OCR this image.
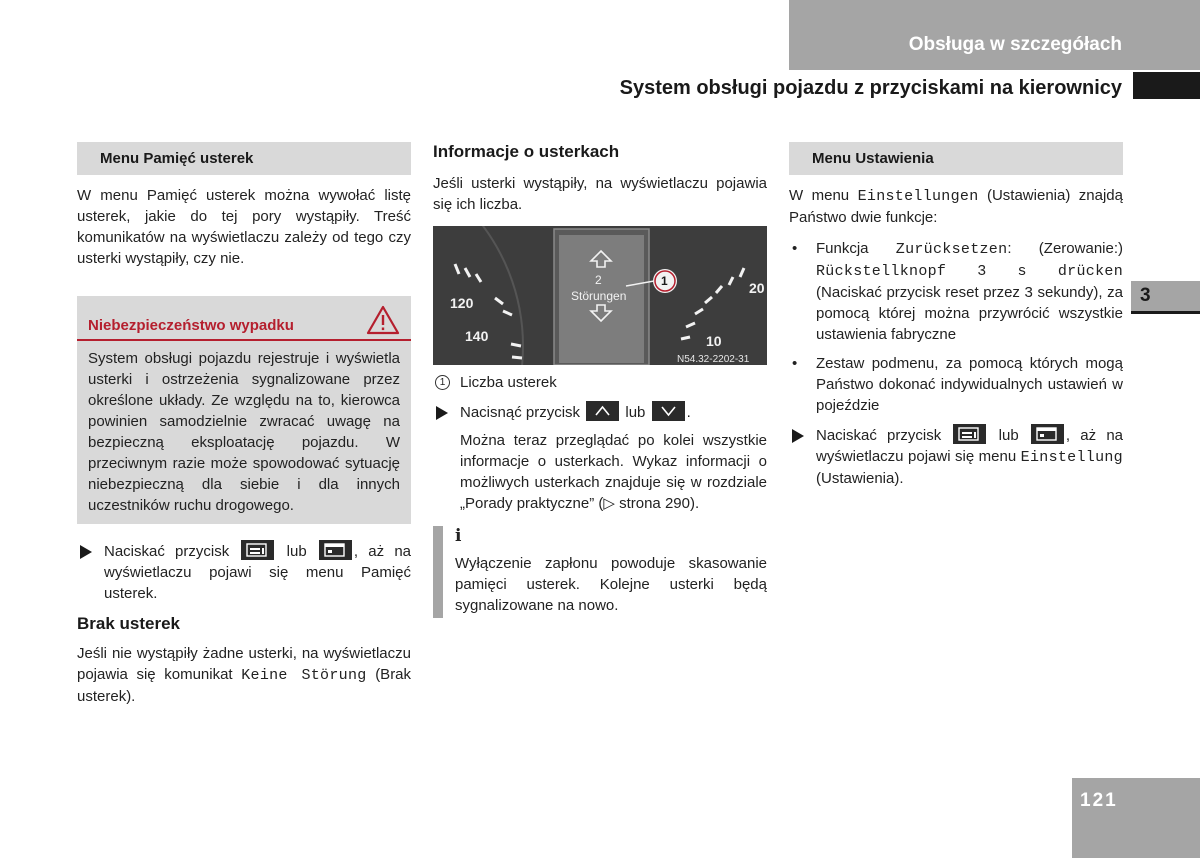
Obsługa w szczegółach
System obsługi pojazdu z przyciskami na kierownicy
Menu Pamięć usterek

W menu Pamięć usterek można wywołać listę usterek, jakie do tej pory wystąpiły. Treść komunikatów na wyświetlaczu zależy od tego czy usterki wystąpiły, czy nie.

Niebezpieczeństwo wypadku
System obsługi pojazdu rejestruje i wyświetla usterki i ostrzeżenia sygnalizowane przez określone układy. Ze względu na to, kierowca powinien samodzielnie zwracać uwagę na bezpieczną eksploatację pojazdu. W przeciwnym razie może spowodować sytuację niebezpieczną dla siebie i dla innych uczestników ruchu drogowego.
Naciskać przycisk	lub	, aż na wyświetlaczu pojawi się menu Pamięć usterek.
Brak usterek

Jeśli nie wystąpiły żadne usterki, na wyświetlaczu pojawia się komunikat Keine Störung (Brak usterek).

Informacje o usterkach

Jeśli usterki wystąpiły, na wyświetlaczu pojawia się ich liczba.

2
Störungen
1
120
140
20
10
N54.32-2202-31
1 Liczba usterek
Nacisnąć przycisk	lub	.

Można teraz przeglądać po kolei wszystkie informacje o usterkach. Wykaz informacji o możliwych usterkach znajduje się w rozdziale „Porady praktyczne” (▷ strona 290).

i

Wyłączenie zapłonu powoduje skasowanie pamięci usterek. Kolejne usterki będą sygnalizowane na nowo.

Menu Ustawienia

W menu Einstellungen (Ustawienia) znajdą Państwo dwie funkcje:

• Funkcja Zurücksetzen: (Zerowanie:) Rückstellknopf 3 s drücken (Naciskać przycisk reset przez 3 sekundy), za pomocą której można przywrócić wszystkie ustawienia fabryczne
• Zestaw podmenu, za pomocą których mogą Państwo dokonać indywidualnych ustawień w pojeździe
Naciskać przycisk	lub	, aż na wyświetlaczu pojawi się menu Einstellung (Ustawienia).
3
121
